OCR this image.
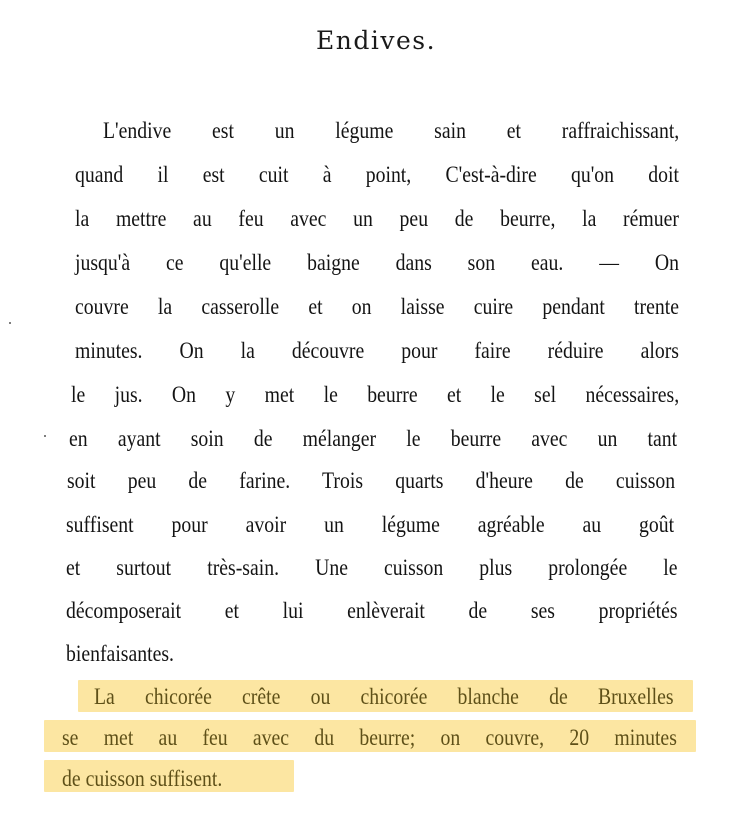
Endives.
L'endive est un légume sain et raffraichissant,
quand il est cuit à point, C'est-à-dire qu'on doit
la mettre au feu avec un peu de beurre, la rémuer
jusqu'à ce qu'elle baigne dans son eau. — On
couvre la casserolle et on laisse cuire pendant trente
minutes. On la découvre pour faire réduire alors
le jus. On y met le beurre et le sel nécessaires,
en ayant soin de mélanger le beurre avec un tant
soit peu de farine. Trois quarts d'heure de cuisson
suffisent pour avoir un légume agréable au goût
et surtout très-sain. Une cuisson plus prolongée le
décomposerait et lui enlèverait de ses propriétés
bienfaisantes.
La chicorée crête ou chicorée blanche de Bruxelles
se met au feu avec du beurre; on couvre, 20 minutes
de cuisson suffisent.
